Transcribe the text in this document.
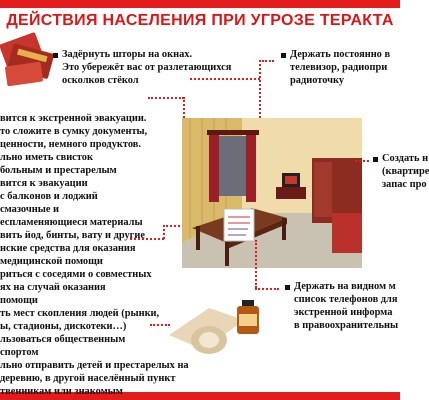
ДЕЙСТВИЯ НАСЕЛЕНИЯ ПРИ УГРОЗЕ ТЕРАКТА
Задёрнуть шторы на окнах.
Это убережёт вас от разлетающихся
осколков стёкол
Держать постоянно в
телевизор, радиопри
радиоточку
вится к экстренной эвакуации.
то сложите в сумку документы,
ценности, немного продуктов.
льно иметь свисток
больным и престарелым
вится к эвакуации
с балконов и лоджий
смазочные и
еспламеняющиеся материалы
вить йод, бинты, вату и другие
нские средства для оказания
медицинской помощи
риться с соседями о совместных
ях на случай оказания
помощи
ть мест скопления людей (рынки,
ы, стадионы, дискотеки…)
льзоваться общественным
спортом
льно отправить детей и престарелых на
деревню, в другой населённый пункт
твенникам или знакомым
Создать н
(квартире
запас про
Держать на видном м
список телефонов для
экстренной информа
в правоохранительны
